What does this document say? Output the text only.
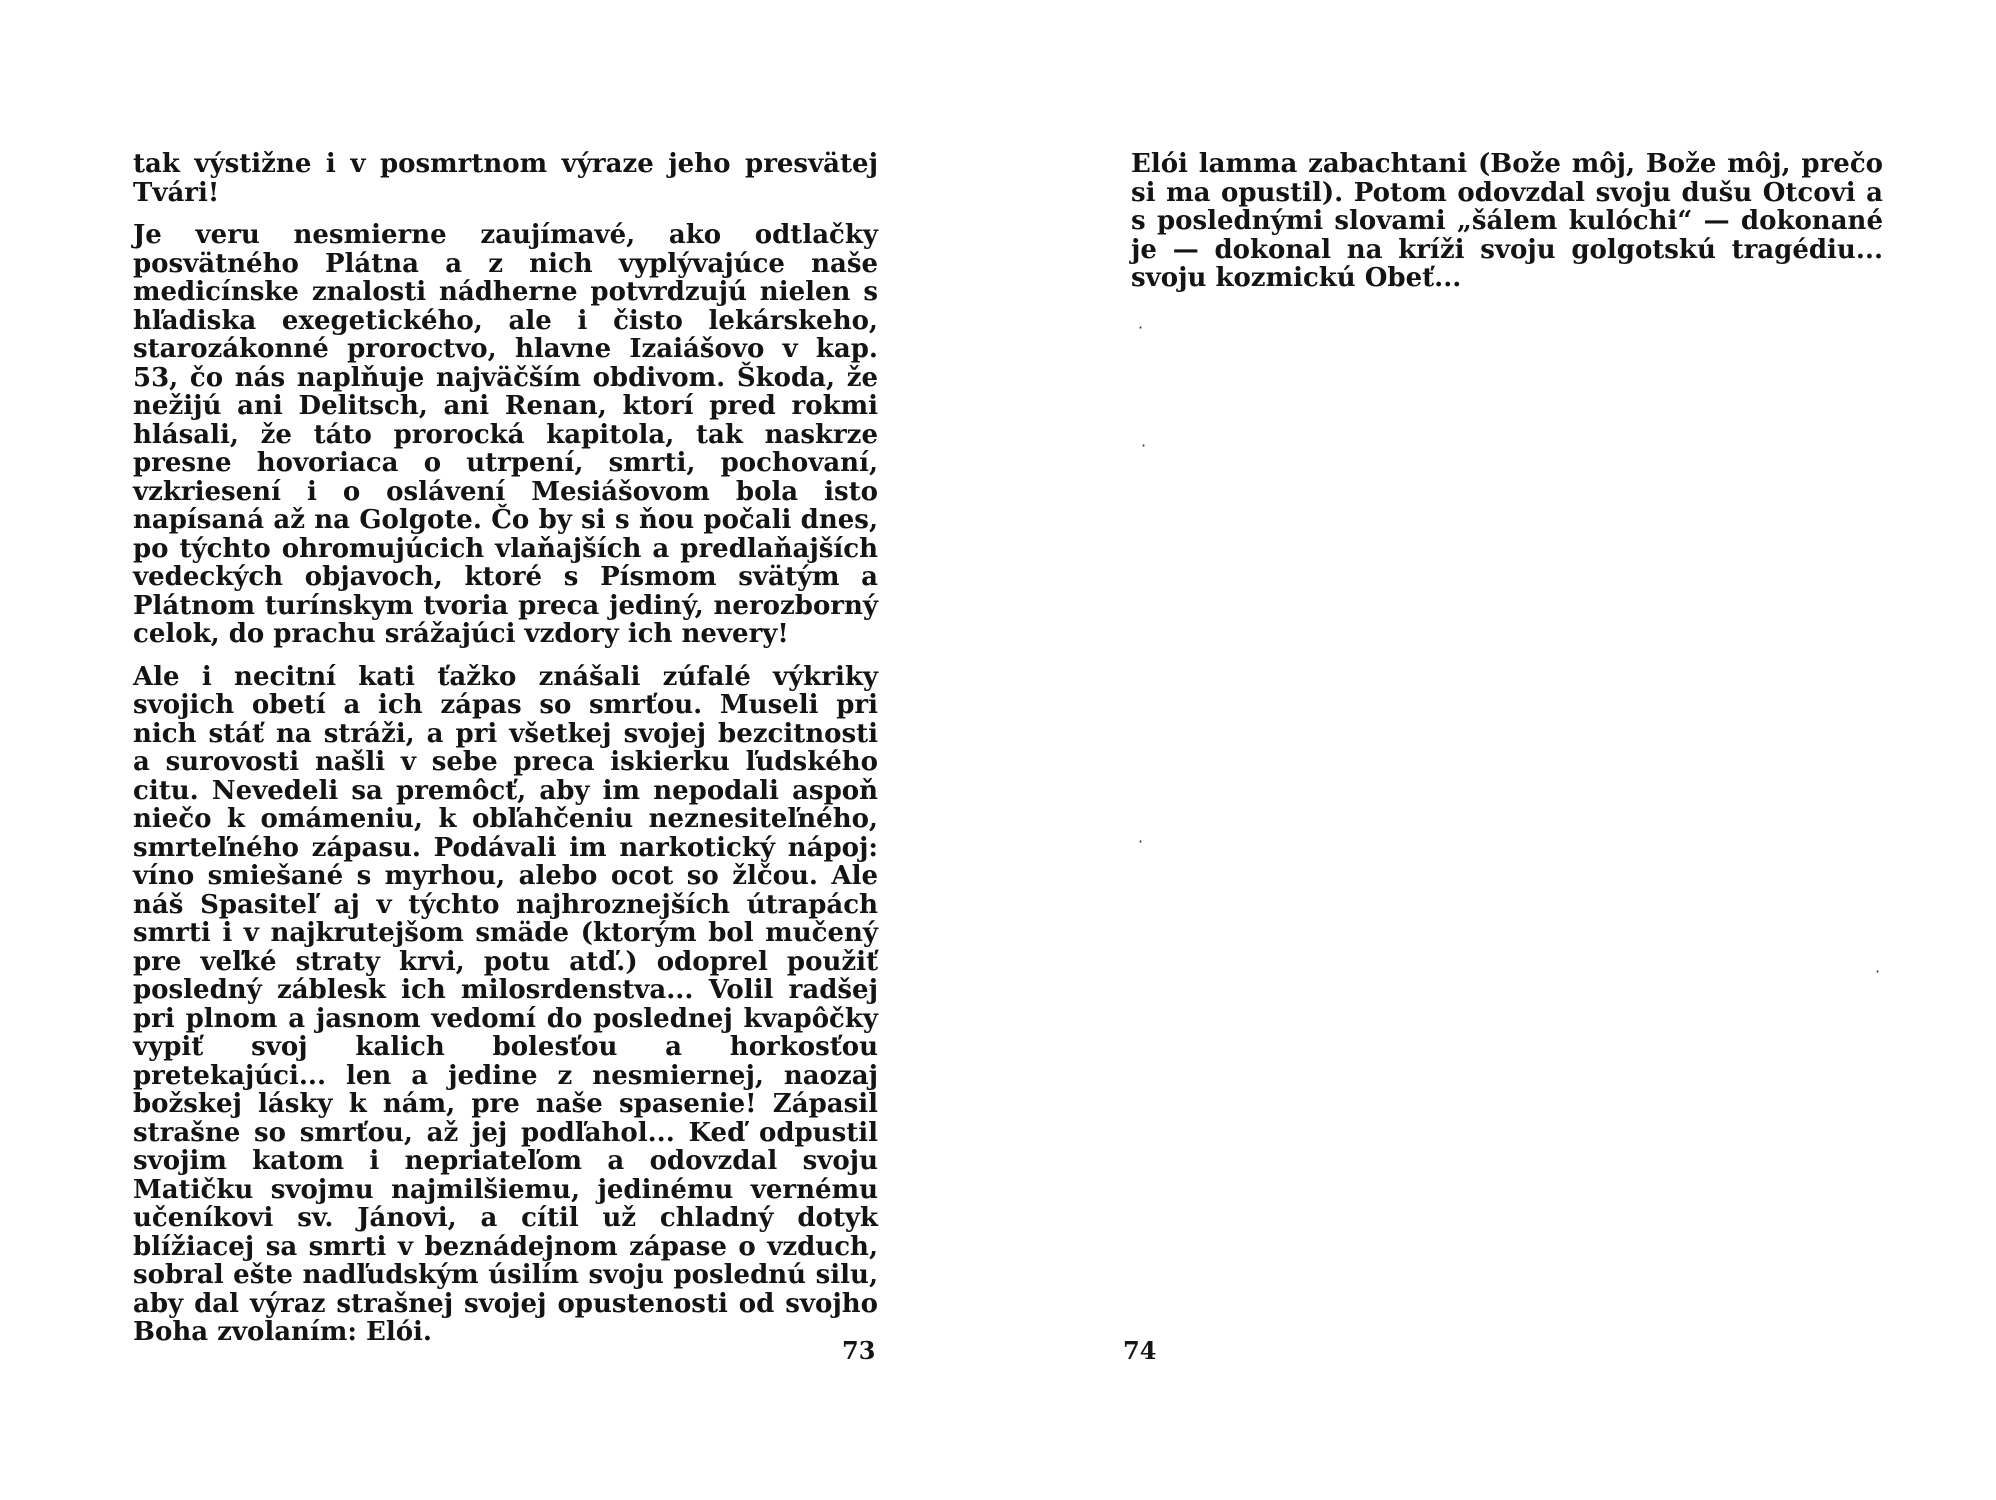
tak výstižne i v posmrtnom výraze jeho presvätej Tvári!

Je veru nesmierne zaujímavé, ako odtlačky posvätného Plátna a z nich vyplývajúce naše medicínske znalosti nádherne potvrdzujú nielen s hľadiska exegetického, ale i čisto lekárskeho, starozákonné proroctvo, hlavne Izaiášovo v kap. 53, čo nás naplňuje najväčším obdivom. Škoda, že nežijú ani Delitsch, ani Renan, ktorí pred rokmi hlásali, že táto prorocká kapitola, tak naskrze presne hovoriaca o utrpení, smrti, pochovaní, vzkriesení i o oslávení Mesiášovom bola isto napísaná až na Golgote. Čo by si s ňou počali dnes, po týchto ohromujúcich vlaňajších a predlaňajších vedeckých objavoch, ktoré s Písmom svätým a Plátnom turínskym tvoria preca jediný, nerozborný celok, do prachu srážajúci vzdory ich nevery!

Ale i necitní kati ťažko znášali zúfalé výkriky svojich obetí a ich zápas so smrťou. Museli pri nich stáť na stráži, a pri všetkej svojej bezcitnosti a surovosti našli v sebe preca iskierku ľudského citu. Nevedeli sa premôcť, aby im nepodali aspoň niečo k omámeniu, k obľahčeniu neznesiteľného, smrteľného zápasu. Podávali im narkotický nápoj: víno smiešané s myrhou, alebo ocot so žlčou. Ale náš Spasiteľ aj v týchto najhroznejších útrapách smrti i v najkrutejšom smäde (ktorým bol mučený pre veľké straty krvi, potu atď.) odoprel použiť posledný záblesk ich milosrdenstva... Volil radšej pri plnom a jasnom vedomí do poslednej kvapôčky vypiť svoj kalich bolesťou a horkosťou pretekajúci... len a jedine z nesmiernej, naozaj božskej lásky k nám, pre naše spasenie! Zápasil strašne so smrťou, až jej podľahol... Keď odpustil svojim katom i nepriateľom a odovzdal svoju Matičku svojmu najmilšiemu, jedinému vernému učeníkovi sv. Jánovi, a cítil už chladný dotyk blížiacej sa smrti v beznádejnom zápase o vzduch, sobral ešte nadľudským úsilím svoju poslednú silu, aby dal výraz strašnej svojej opustenosti od svojho Boha zvolaním: Elói.

73

Elói lamma zabachtani (Bože môj, Bože môj, prečo si ma opustil). Potom odovzdal svoju dušu Otcovi a s poslednými slovami „šálem kulóchi“ — dokonané je — dokonal na kríži svoju golgotskú tragédiu... svoju kozmickú Obeť...

·
·
·
·
74
